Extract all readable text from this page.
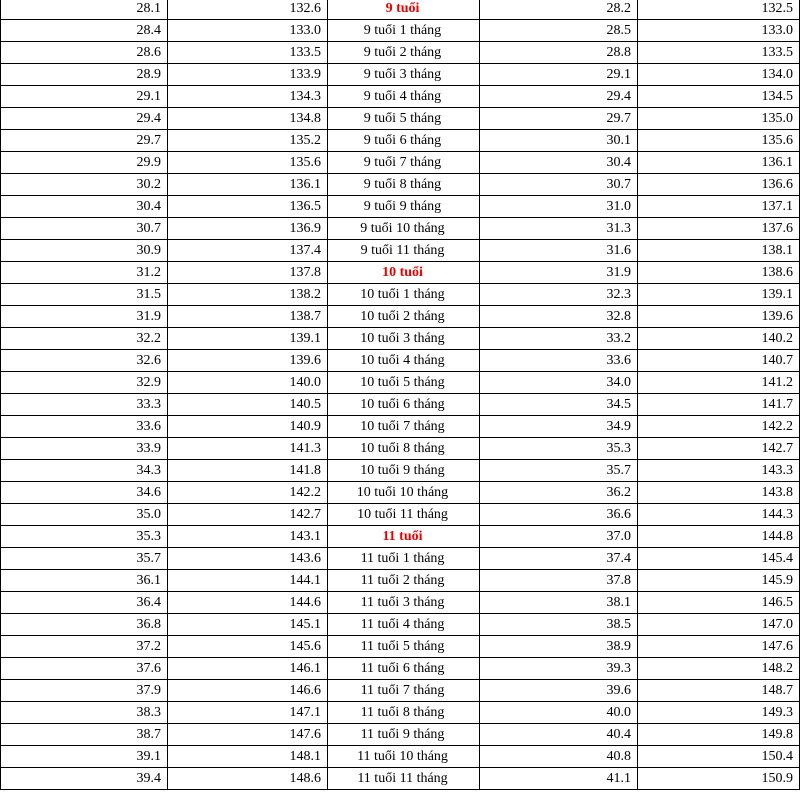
28.1	132.6	9 tuổi	28.2	132.5
28.4	133.0	9 tuổi 1 tháng	28.5	133.0
28.6	133.5	9 tuổi 2 tháng	28.8	133.5
28.9	133.9	9 tuổi 3 tháng	29.1	134.0
29.1	134.3	9 tuổi 4 tháng	29.4	134.5
29.4	134.8	9 tuổi 5 tháng	29.7	135.0
29.7	135.2	9 tuổi 6 tháng	30.1	135.6
29.9	135.6	9 tuổi 7 tháng	30.4	136.1
30.2	136.1	9 tuổi 8 tháng	30.7	136.6
30.4	136.5	9 tuổi 9 tháng	31.0	137.1
30.7	136.9	9 tuổi 10 tháng	31.3	137.6
30.9	137.4	9 tuổi 11 tháng	31.6	138.1
31.2	137.8	10 tuổi	31.9	138.6
31.5	138.2	10 tuổi 1 tháng	32.3	139.1
31.9	138.7	10 tuổi 2 tháng	32.8	139.6
32.2	139.1	10 tuổi 3 tháng	33.2	140.2
32.6	139.6	10 tuổi 4 tháng	33.6	140.7
32.9	140.0	10 tuổi 5 tháng	34.0	141.2
33.3	140.5	10 tuổi 6 tháng	34.5	141.7
33.6	140.9	10 tuổi 7 tháng	34.9	142.2
33.9	141.3	10 tuổi 8 tháng	35.3	142.7
34.3	141.8	10 tuổi 9 tháng	35.7	143.3
34.6	142.2	10 tuổi 10 tháng	36.2	143.8
35.0	142.7	10 tuổi 11 tháng	36.6	144.3
35.3	143.1	11 tuổi	37.0	144.8
35.7	143.6	11 tuổi 1 tháng	37.4	145.4
36.1	144.1	11 tuổi 2 tháng	37.8	145.9
36.4	144.6	11 tuổi 3 tháng	38.1	146.5
36.8	145.1	11 tuổi 4 tháng	38.5	147.0
37.2	145.6	11 tuổi 5 tháng	38.9	147.6
37.6	146.1	11 tuổi 6 tháng	39.3	148.2
37.9	146.6	11 tuổi 7 tháng	39.6	148.7
38.3	147.1	11 tuổi 8 tháng	40.0	149.3
38.7	147.6	11 tuổi 9 tháng	40.4	149.8
39.1	148.1	11 tuổi 10 tháng	40.8	150.4
39.4	148.6	11 tuổi 11 tháng	41.1	150.9
